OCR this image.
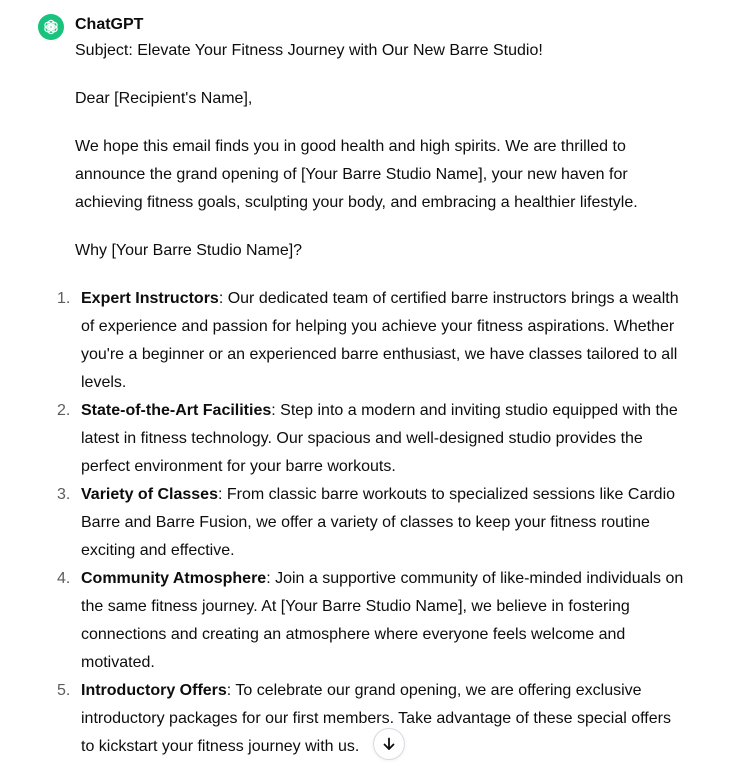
ChatGPT

Subject: Elevate Your Fitness Journey with Our New Barre Studio!

Dear [Recipient's Name],

We hope this email finds you in good health and high spirits. We are thrilled to announce the grand opening of [Your Barre Studio Name], your new haven for achieving fitness goals, sculpting your body, and embracing a healthier lifestyle.

Why [Your Barre Studio Name]?

1. Expert Instructors: Our dedicated team of certified barre instructors brings a wealth of experience and passion for helping you achieve your fitness aspirations. Whether you're a beginner or an experienced barre enthusiast, we have classes tailored to all levels.
2. State-of-the-Art Facilities: Step into a modern and inviting studio equipped with the latest in fitness technology. Our spacious and well-designed studio provides the perfect environment for your barre workouts.
3. Variety of Classes: From classic barre workouts to specialized sessions like Cardio Barre and Barre Fusion, we offer a variety of classes to keep your fitness routine exciting and effective.
4. Community Atmosphere: Join a supportive community of like-minded individuals on the same fitness journey. At [Your Barre Studio Name], we believe in fostering connections and creating an atmosphere where everyone feels welcome and motivated.
5. Introductory Offers: To celebrate our grand opening, we are offering exclusive introductory packages for our first members. Take advantage of these special offers to kickstart your fitness journey with us.
